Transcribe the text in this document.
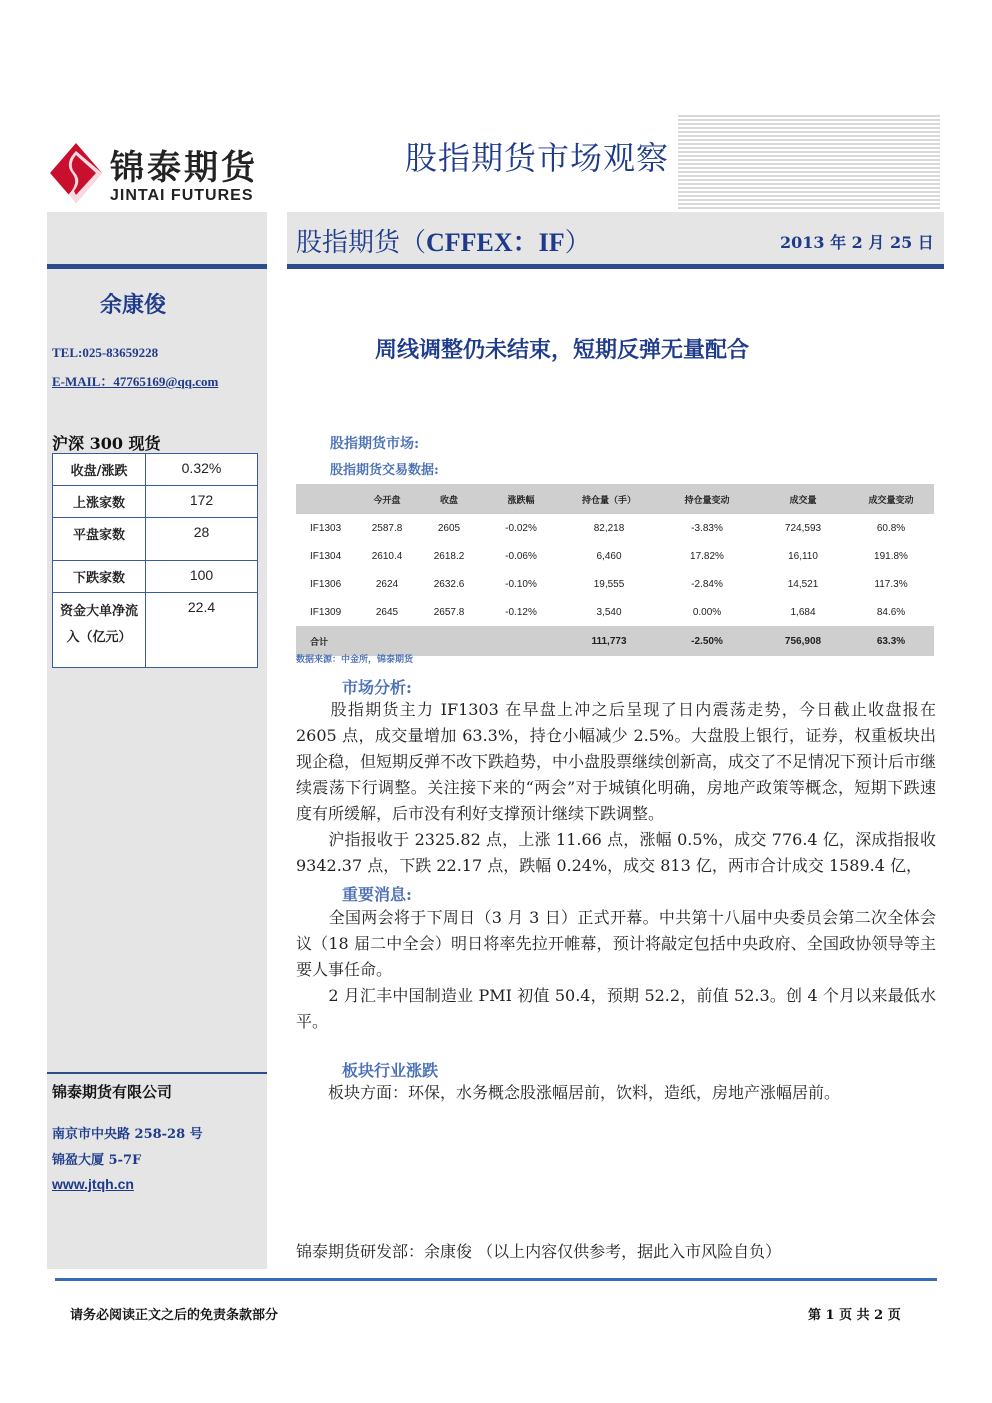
锦泰期货
JINTAI FUTURES
股指期货市场观察
余康俊
TEL:025-83659228
E-MAIL：47765169@qq.com
沪深 300 现货
收盘/涨跌	0.32%
上涨家数	172
平盘家数	28
下跌家数	100
资金大单净流入（亿元）	22.4
锦泰期货有限公司
南京市中央路 258-28 号
锦盈大厦 5-7F
www.jtqh.cn
股指期货（CFFEX：IF）	2013 年 2 月 25 日
周线调整仍未结束，短期反弹无量配合
股指期货市场:
股指期货交易数据:
	今开盘	收盘	涨跌幅	持仓量（手）	持仓量变动	成交量	成交量变动
IF1303	2587.8	2605	-0.02%	82,218	-3.83%	724,593	60.8%
IF1304	2610.4	2618.2	-0.06%	6,460	17.82%	16,110	191.8%
IF1306	2624	2632.6	-0.10%	19,555	-2.84%	14,521	117.3%
IF1309	2645	2657.8	-0.12%	3,540	0.00%	1,684	84.6%
合计				111,773	-2.50%	756,908	63.3%
数据来源：中金所，锦泰期货
市场分析:
　　股指期货主力 IF1303 在早盘上冲之后呈现了日内震荡走势，今日截止收盘报在 2605 点，成交量增加 63.3%，持仓小幅减少 2.5%。大盘股上银行，证券，权重板块出现企稳，但短期反弹不改下跌趋势，中小盘股票继续创新高，成交了不足情况下预计后市继续震荡下行调整。关注接下来的“两会”对于城镇化明确，房地产政策等概念，短期下跌速度有所缓解，后市没有利好支撑预计继续下跌调整。
　　沪指报收于 2325.82 点，上涨 11.66 点，涨幅 0.5%，成交 776.4 亿，深成指报收 9342.37 点，下跌 22.17 点，跌幅 0.24%，成交 813 亿，两市合计成交 1589.4 亿，
重要消息:
　　全国两会将于下周日（3 月 3 日）正式开幕。中共第十八届中央委员会第二次全体会议（18 届二中全会）明日将率先拉开帷幕，预计将敲定包括中央政府、全国政协领导等主要人事任命。
　　2 月汇丰中国制造业 PMI 初值 50.4，预期 52.2，前值 52.3。创 4 个月以来最低水平。
板块行业涨跌
　　板块方面：环保，水务概念股涨幅居前，饮料，造纸，房地产涨幅居前。
锦泰期货研发部：余康俊 （以上内容仅供参考，据此入市风险自负）
请务必阅读正文之后的免责条款部分	第 1 页 共 2 页
